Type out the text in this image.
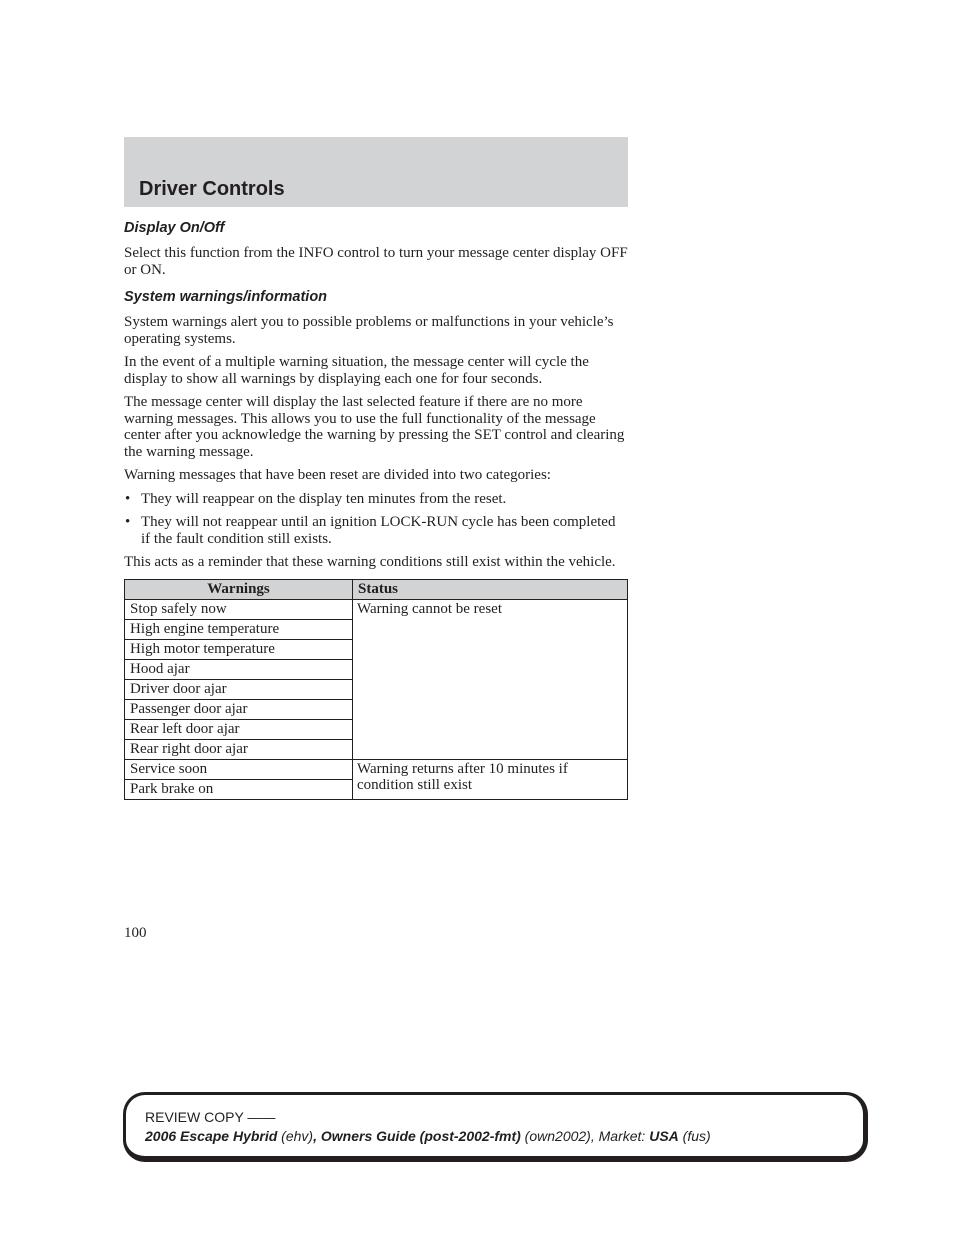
Driver Controls
Display On/Off
Select this function from the INFO control to turn your message center display OFF or ON.
System warnings/information
System warnings alert you to possible problems or malfunctions in your vehicle’s operating systems.
In the event of a multiple warning situation, the message center will cycle the display to show all warnings by displaying each one for four seconds.
The message center will display the last selected feature if there are no more warning messages. This allows you to use the full functionality of the message center after you acknowledge the warning by pressing the SET control and clearing the warning message.
Warning messages that have been reset are divided into two categories:
• They will reappear on the display ten minutes from the reset.
• They will not reappear until an ignition LOCK-RUN cycle has been completed if the fault condition still exists.
This acts as a reminder that these warning conditions still exist within the vehicle.
Warnings	Status
Stop safely now	Warning cannot be reset
High engine temperature	
High motor temperature	
Hood ajar	
Driver door ajar	
Passenger door ajar	
Rear left door ajar	
Rear right door ajar	
Service soon	Warning returns after 10 minutes if condition still exist
Park brake on	
100
REVIEW COPY ——
2006 Escape Hybrid (ehv), Owners Guide (post-2002-fmt) (own2002), Market: USA (fus)
